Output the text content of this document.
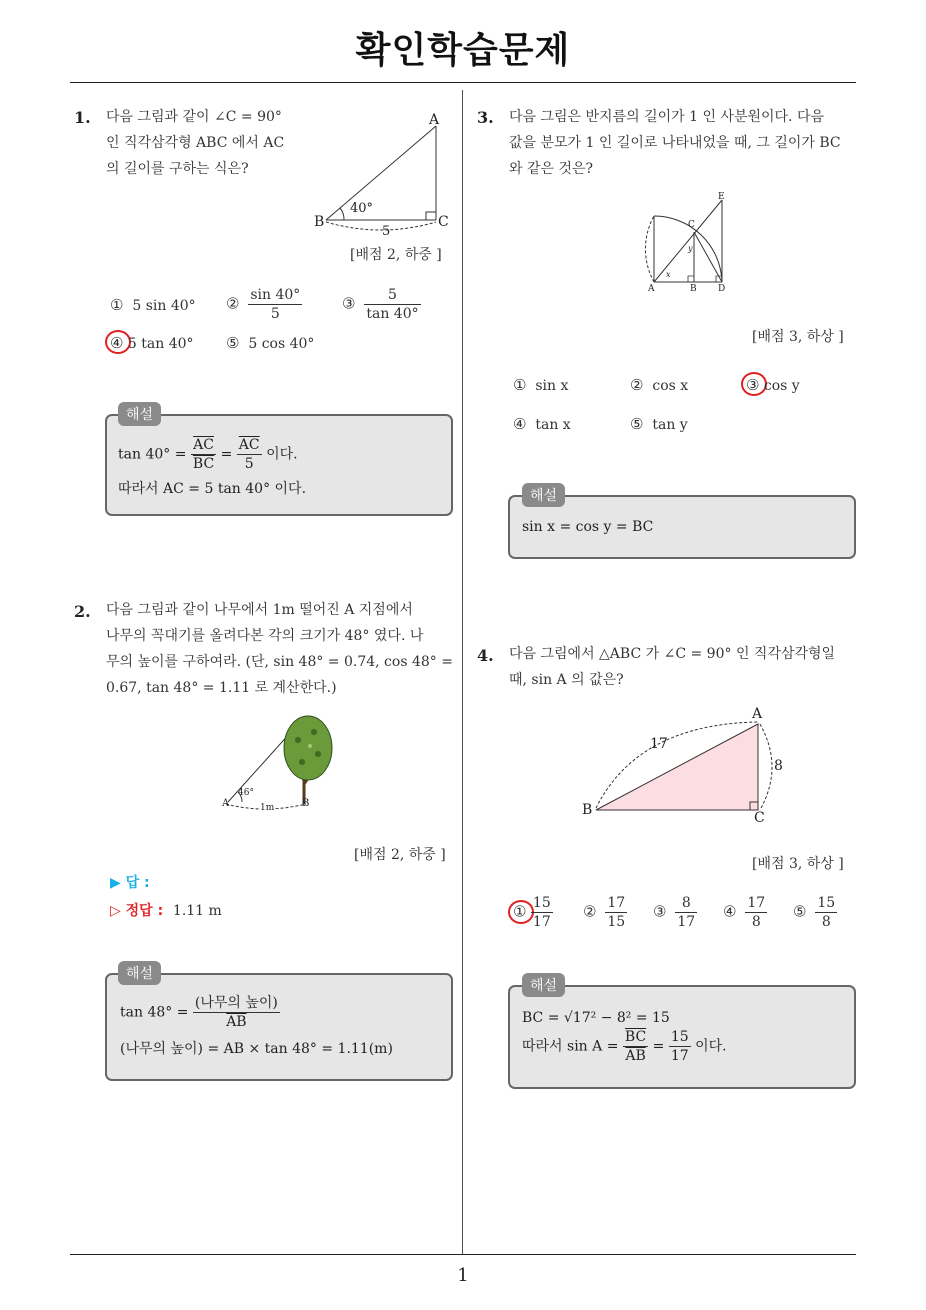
확인학습문제
1. 다음 그림과 같이 ∠C = 90°
인 직각삼각형 ABC 에서 AC
의 길이를 구하는 식은?
A
B	C
40°
5
[배점 2, 하중 ]
① 5 sin 40° ② $\frac{\sin 40^\circ}{5}$	③ $\frac{5}{\tan 40^\circ}$
④ 5 tan 40° ⑤ 5 cos 40°
해설
$\tan 40^\circ = \frac{\overline{AC}}{BC} = \frac{\overline{AC}}{5}$ 이다.
따라서 AC = 5 tan 40° 이다.
2. 다음 그림과 같이 나무에서 1m 떨어진 A 지점에서
나무의 꼭대기를 올려다본 각의 크기가 48° 였다. 나
무의 높이를 구하여라. (단, sin 48° = 0.74, cos 48° =
0.67, tan 48° = 1.11 로 계산한다.)
A	B
46°
1m
[배점 2, 하중 ]
▶ 답 :
▷ 정답 : 1.11 m
해설
$\tan 48^\circ = \frac{\text{(나무의 높이)}}{AB}$
(나무의 높이) = AB × tan 48° = 1.11(m)
3. 다음 그림은 반지름의 길이가 1 인 사분원이다. 다음
값을 분모가 1 인 길이로 나타내었을 때, 그 길이가 BC
와 같은 것은?
A	B
C
D
E
x
y
[배점 3, 하상 ]
① sin x	② cos x	③ cos y
④ tan x	⑤ tan y
해설
sin x = cos y = BC
4. 다음 그림에서 △ABC 가 ∠C = 90° 인 직각삼각형일
때, sin A 의 값은?
A
B	C
17
8
[배점 3, 하상 ]
① $\frac{15}{17}$ ② $\frac{17}{15}$ ③ $\frac{8}{17}$ ④ $\frac{17}{8}$ ⑤ $\frac{15}{8}$
해설
BC = √17² − 8² = 15
따라서 $\sin A = \frac{\overline{BC}}{AB} = \frac{15}{17}$ 이다.
1
